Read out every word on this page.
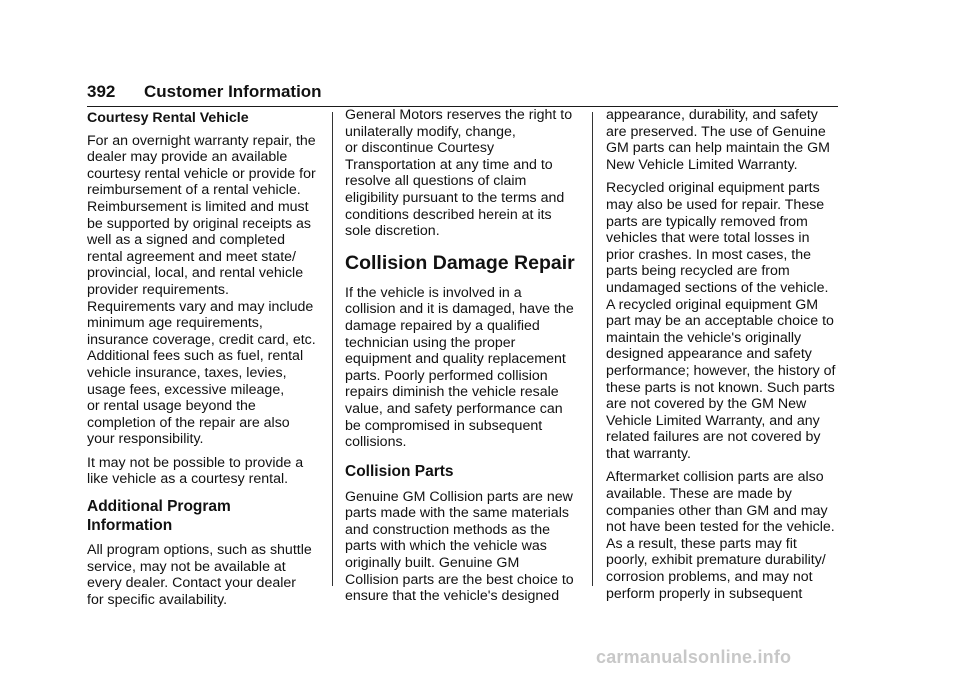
392 Customer Information
Courtesy Rental Vehicle

For an overnight warranty repair, the
dealer may provide an available
courtesy rental vehicle or provide for
reimbursement of a rental vehicle.
Reimbursement is limited and must
be supported by original receipts as
well as a signed and completed
rental agreement and meet state/
provincial, local, and rental vehicle
provider requirements.
Requirements vary and may include
minimum age requirements,
insurance coverage, credit card, etc.
Additional fees such as fuel, rental
vehicle insurance, taxes, levies,
usage fees, excessive mileage,
or rental usage beyond the
completion of the repair are also
your responsibility.

It may not be possible to provide a
like vehicle as a courtesy rental.

Additional Program
Information

All program options, such as shuttle
service, may not be available at
every dealer. Contact your dealer
for specific availability.

General Motors reserves the right to
unilaterally modify, change,
or discontinue Courtesy
Transportation at any time and to
resolve all questions of claim
eligibility pursuant to the terms and
conditions described herein at its
sole discretion.

Collision Damage Repair

If the vehicle is involved in a
collision and it is damaged, have the
damage repaired by a qualified
technician using the proper
equipment and quality replacement
parts. Poorly performed collision
repairs diminish the vehicle resale
value, and safety performance can
be compromised in subsequent
collisions.

Collision Parts

Genuine GM Collision parts are new
parts made with the same materials
and construction methods as the
parts with which the vehicle was
originally built. Genuine GM
Collision parts are the best choice to
ensure that the vehicle's designed

appearance, durability, and safety
are preserved. The use of Genuine
GM parts can help maintain the GM
New Vehicle Limited Warranty.

Recycled original equipment parts
may also be used for repair. These
parts are typically removed from
vehicles that were total losses in
prior crashes. In most cases, the
parts being recycled are from
undamaged sections of the vehicle.
A recycled original equipment GM
part may be an acceptable choice to
maintain the vehicle's originally
designed appearance and safety
performance; however, the history of
these parts is not known. Such parts
are not covered by the GM New
Vehicle Limited Warranty, and any
related failures are not covered by
that warranty.

Aftermarket collision parts are also
available. These are made by
companies other than GM and may
not have been tested for the vehicle.
As a result, these parts may fit
poorly, exhibit premature durability/
corrosion problems, and may not
perform properly in subsequent

carmanualsonline.info
